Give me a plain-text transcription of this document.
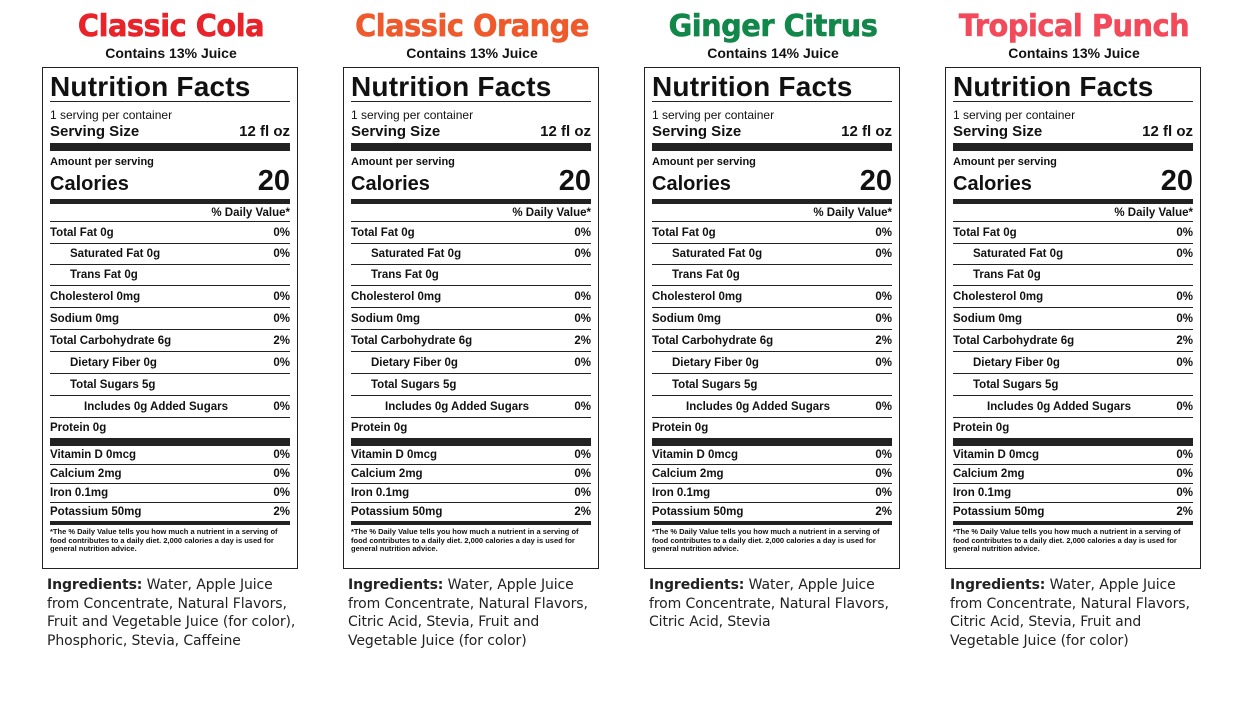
Classic Cola
Contains 13% Juice
Nutrition Facts
1 serving per container
Serving Size	12 fl oz
Amount per serving
Calories	20
% Daily Value*
Total Fat 0g	0%
Saturated Fat 0g	0%
Trans Fat 0g
Cholesterol 0mg	0%
Sodium 0mg	0%
Total Carbohydrate 6g	2%
Dietary Fiber 0g	0%
Total Sugars 5g
Includes 0g Added Sugars	0%
Protein 0g
Vitamin D 0mcg	0%
Calcium 2mg	0%
Iron 0.1mg	0%
Potassium 50mg	2%
*The % Daily Value tells you how much a nutrient in a serving of food contributes to a daily diet. 2,000 calories a day is used for general nutrition advice.
Ingredients: Water, Apple Juice from Concentrate, Natural Flavors, Fruit and Vegetable Juice (for color), Phosphoric, Stevia, Caffeine
Classic Orange
Contains 13% Juice
Nutrition Facts
1 serving per container
Serving Size	12 fl oz
Amount per serving
Calories	20
% Daily Value*
Total Fat 0g	0%
Saturated Fat 0g	0%
Trans Fat 0g
Cholesterol 0mg	0%
Sodium 0mg	0%
Total Carbohydrate 6g	2%
Dietary Fiber 0g	0%
Total Sugars 5g
Includes 0g Added Sugars	0%
Protein 0g
Vitamin D 0mcg	0%
Calcium 2mg	0%
Iron 0.1mg	0%
Potassium 50mg	2%
*The % Daily Value tells you how much a nutrient in a serving of food contributes to a daily diet. 2,000 calories a day is used for general nutrition advice.
Ingredients: Water, Apple Juice from Concentrate, Natural Flavors, Citric Acid, Stevia, Fruit and Vegetable Juice (for color)
Ginger Citrus
Contains 14% Juice
Nutrition Facts
1 serving per container
Serving Size	12 fl oz
Amount per serving
Calories	20
% Daily Value*
Total Fat 0g	0%
Saturated Fat 0g	0%
Trans Fat 0g
Cholesterol 0mg	0%
Sodium 0mg	0%
Total Carbohydrate 6g	2%
Dietary Fiber 0g	0%
Total Sugars 5g
Includes 0g Added Sugars	0%
Protein 0g
Vitamin D 0mcg	0%
Calcium 2mg	0%
Iron 0.1mg	0%
Potassium 50mg	2%
*The % Daily Value tells you how much a nutrient in a serving of food contributes to a daily diet. 2,000 calories a day is used for general nutrition advice.
Ingredients: Water, Apple Juice from Concentrate, Natural Flavors, Citric Acid, Stevia
Tropical Punch
Contains 13% Juice
Nutrition Facts
1 serving per container
Serving Size	12 fl oz
Amount per serving
Calories	20
% Daily Value*
Total Fat 0g	0%
Saturated Fat 0g	0%
Trans Fat 0g
Cholesterol 0mg	0%
Sodium 0mg	0%
Total Carbohydrate 6g	2%
Dietary Fiber 0g	0%
Total Sugars 5g
Includes 0g Added Sugars	0%
Protein 0g
Vitamin D 0mcg	0%
Calcium 2mg	0%
Iron 0.1mg	0%
Potassium 50mg	2%
*The % Daily Value tells you how much a nutrient in a serving of food contributes to a daily diet. 2,000 calories a day is used for general nutrition advice.
Ingredients: Water, Apple Juice from Concentrate, Natural Flavors, Citric Acid, Stevia, Fruit and Vegetable Juice (for color)
